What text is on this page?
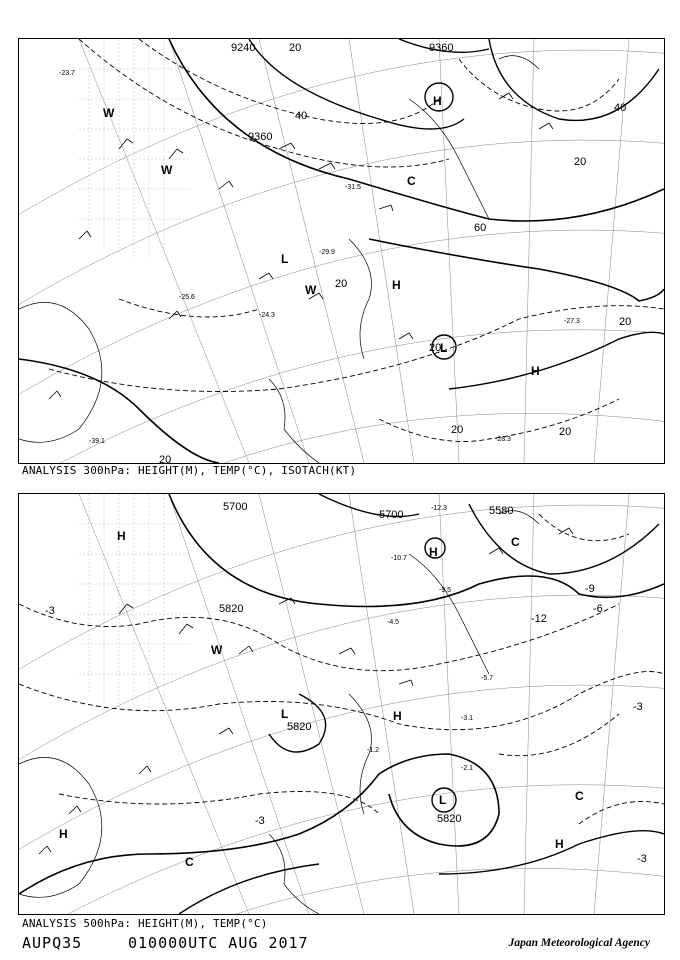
9240	9360
9360
20
40
60
20
40
20
20	20
20
20
20
H
H
H
L
L
W
W
W
C
-23.7
-27.3
-28.3
-31.5
-29.9
-24.3
-25.6
-39.1
ANALYSIS 300hPa: HEIGHT(M), TEMP(°C), ISOTACH(KT)
5700
5820
5820
5700	5580
5820
-3	-6
-9
-12
-3
-3
-3
H
H
H
H
H
L
L
W
C
C
C
-10.7
-12.3
-9.5
-4.5
-2.1
-5.7
-3.1
-1.2
ANALYSIS 500hPa: HEIGHT(M), TEMP(°C)
AUPQ35	010000UTC AUG 2017	Japan Meteorological Agency
